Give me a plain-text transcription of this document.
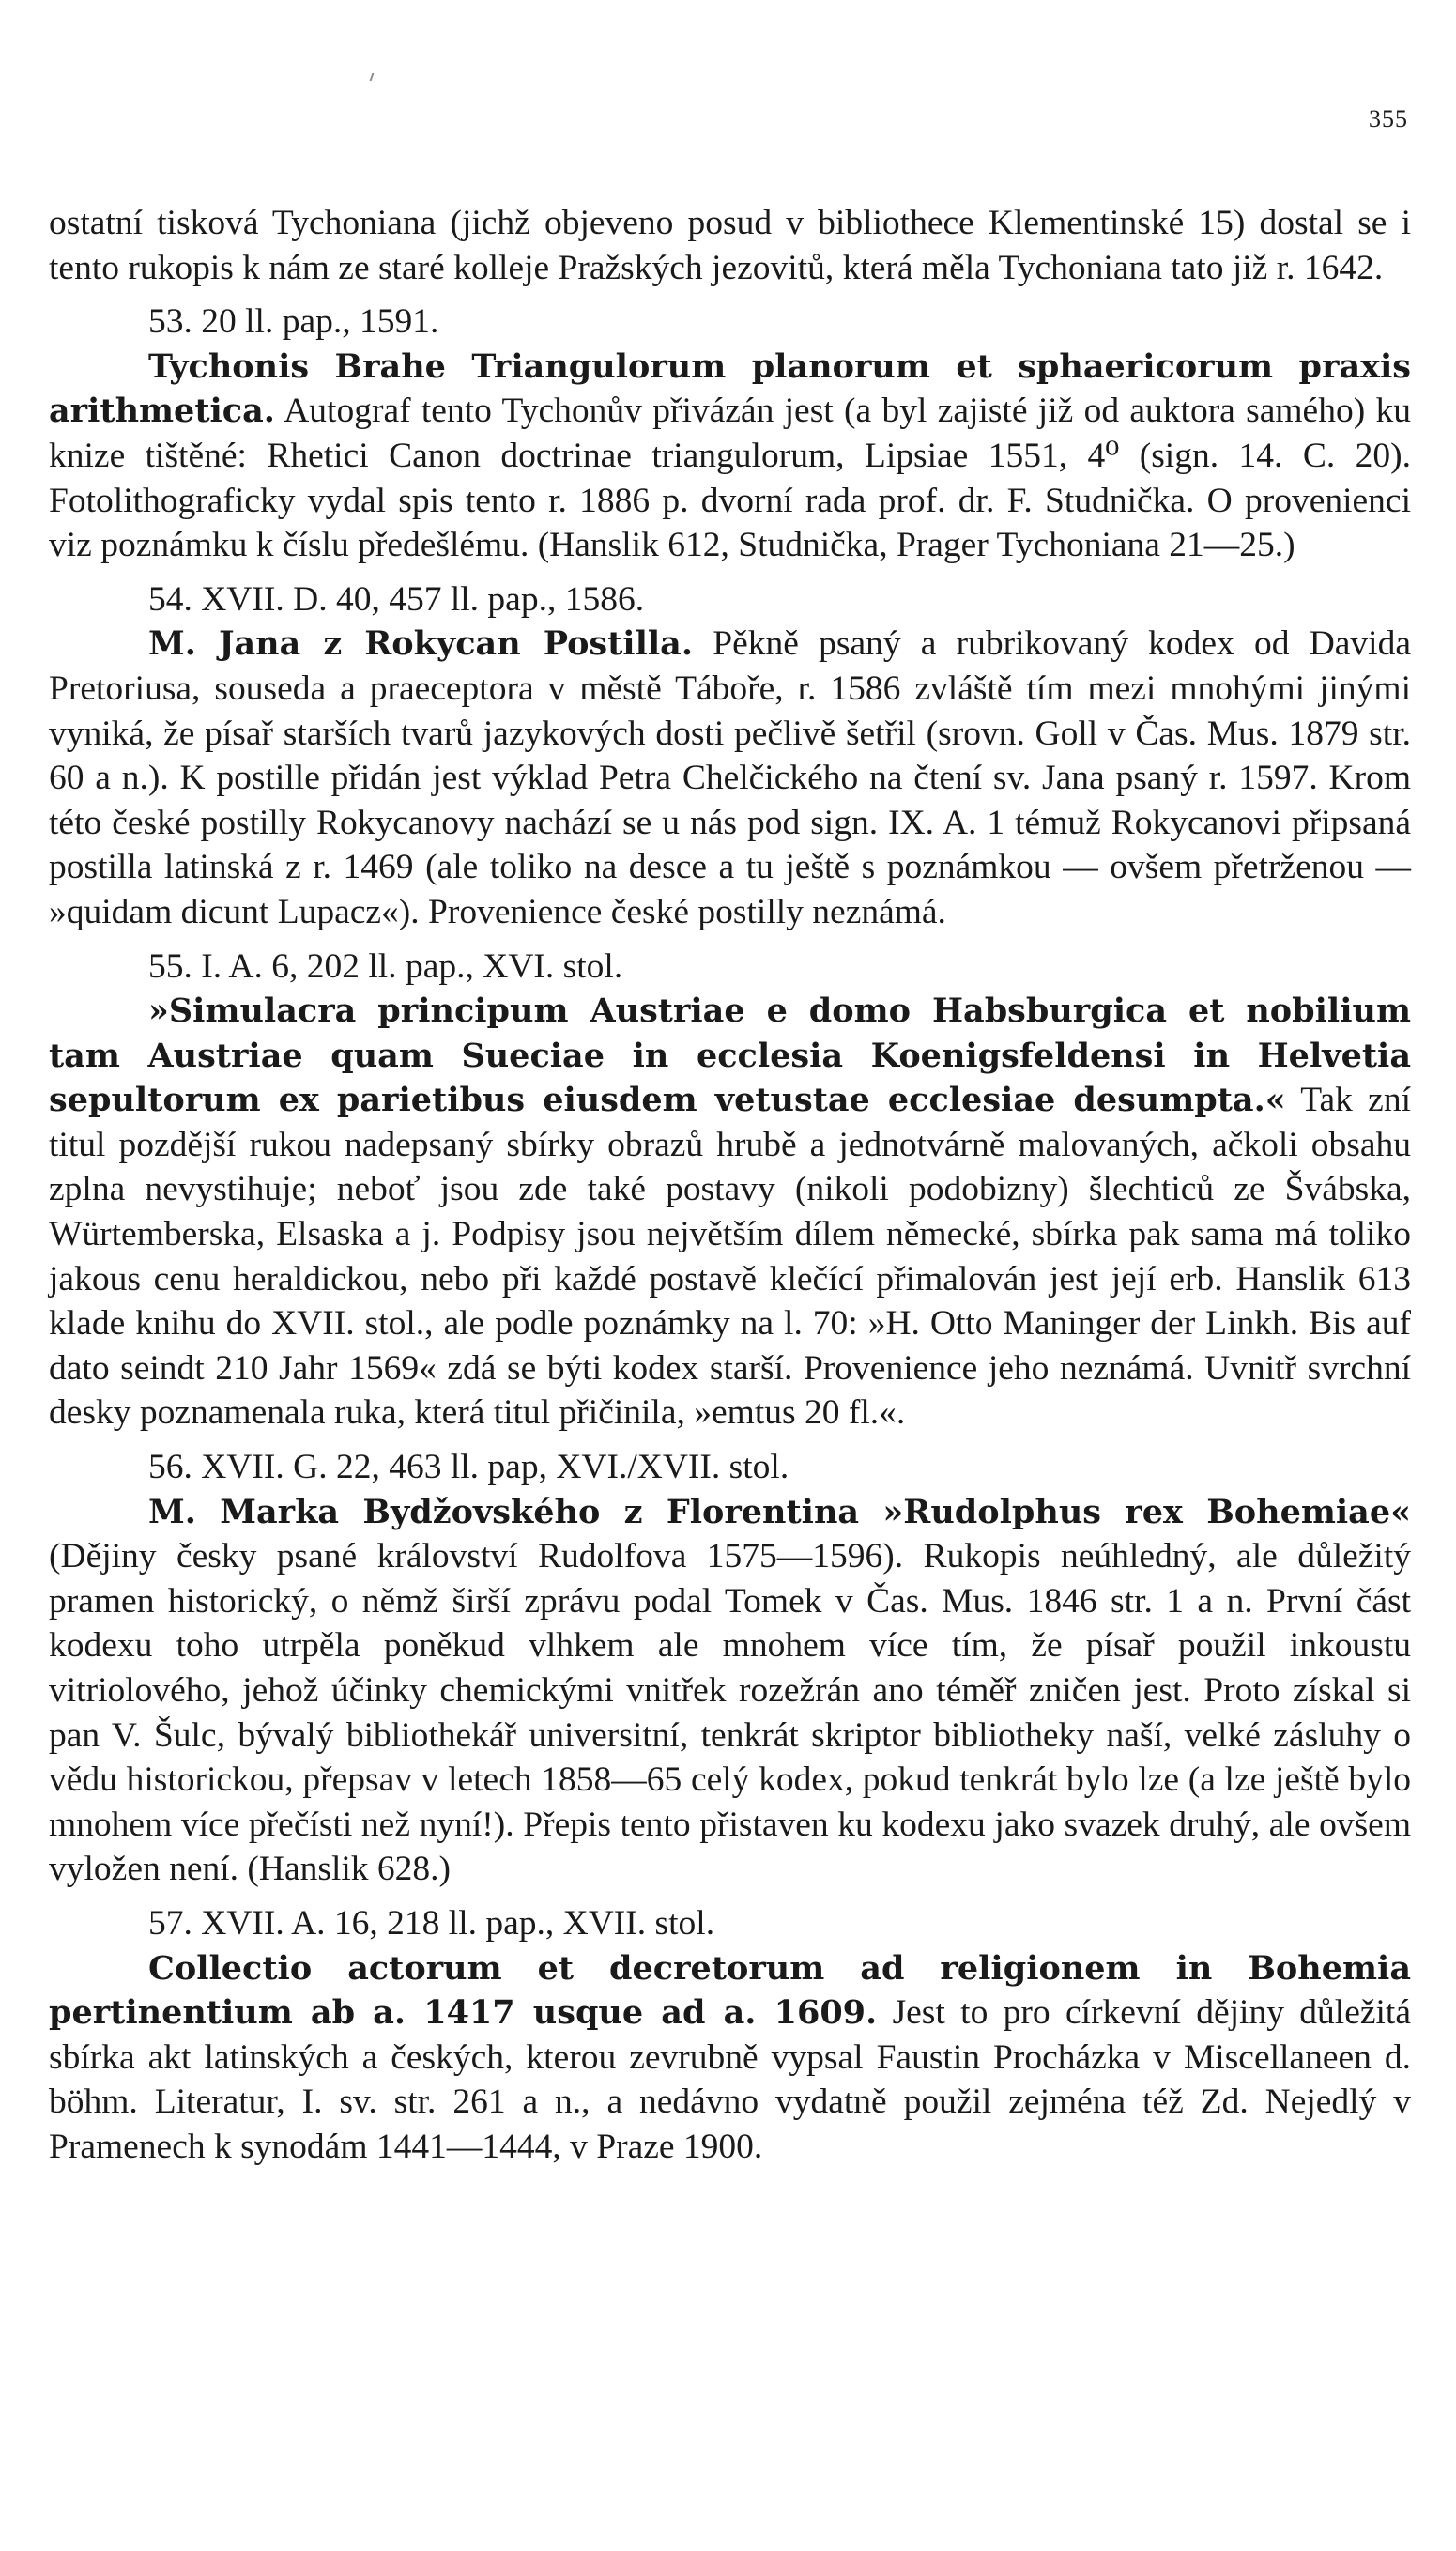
355

ostatní tisková Tychoniana (jichž objeveno posud v bibliothece Klementinské 15) dostal se i tento rukopis k nám ze staré kolleje Pražských jezovitů, která měla Tychoniana tato již r. 1642.

53. 20 ll. pap., 1591.

Tychonis Brahe Triangulorum planorum et sphaericorum praxis arithmetica. Autograf tento Tychonův přivázán jest (a byl zajisté již od auktora samého) ku knize tištěné: Rhetici Canon doctrinae triangulorum, Lipsiae 1551, 4⁰ (sign. 14. C. 20). Fotolithograficky vydal spis tento r. 1886 p. dvorní rada prof. dr. F. Studnička. O provenienci viz poznámku k číslu předešlému. (Hanslik 612, Studnička, Prager Tychoniana 21—25.)

54. XVII. D. 40, 457 ll. pap., 1586.

M. Jana z Rokycan Postilla. Pěkně psaný a rubrikovaný kodex od Davida Pretoriusa, souseda a praeceptora v městě Táboře, r. 1586 zvláště tím mezi mnohými jinými vyniká, že písař starších tvarů jazykových dosti pečlivě šetřil (srovn. Goll v Čas. Mus. 1879 str. 60 a n.). K postille přidán jest výklad Petra Chelčického na čtení sv. Jana psaný r. 1597. Krom této české postilly Rokycanovy nachází se u nás pod sign. IX. A. 1 témuž Rokycanovi připsaná postilla latinská z r. 1469 (ale toliko na desce a tu ještě s poznámkou — ovšem přetrženou — »quidam dicunt Lupacz«). Provenience české postilly neznámá.

55. I. A. 6, 202 ll. pap., XVI. stol.

»Simulacra principum Austriae e domo Habsburgica et nobilium tam Austriae quam Sueciae in ecclesia Koenigsfeldensi in Helvetia sepultorum ex parietibus eiusdem vetustae ecclesiae desumpta.« Tak zní titul pozdější rukou nadepsaný sbírky obrazů hrubě a jednotvárně malovaných, ačkoli obsahu zplna nevystihuje; neboť jsou zde také postavy (nikoli podobizny) šlechticů ze Švábska, Würtemberska, Elsaska a j. Podpisy jsou největším dílem německé, sbírka pak sama má toliko jakous cenu heraldickou, nebo při každé postavě klečící přimalován jest její erb. Hanslik 613 klade knihu do XVII. stol., ale podle poznámky na l. 70: »H. Otto Maninger der Linkh. Bis auf dato seindt 210 Jahr 1569« zdá se býti kodex starší. Provenience jeho neznámá. Uvnitř svrchní desky poznamenala ruka, která titul přičinila, »emtus 20 fl.«.

56. XVII. G. 22, 463 ll. pap, XVI./XVII. stol.

M. Marka Bydžovského z Florentina »Rudolphus rex Bohemiae« (Dějiny česky psané království Rudolfova 1575—1596). Rukopis neúhledný, ale důležitý pramen historický, o němž širší zprávu podal Tomek v Čas. Mus. 1846 str. 1 a n. První část kodexu toho utrpěla poněkud vlhkem ale mnohem více tím, že písař použil inkoustu vitriolového, jehož účinky chemickými vnitřek rozežrán ano téměř zničen jest. Proto získal si pan V. Šulc, bývalý bibliothekář universitní, tenkrát skriptor bibliotheky naší, velké zásluhy o vědu historickou, přepsav v letech 1858—65 celý kodex, pokud tenkrát bylo lze (a lze ještě bylo mnohem více přečísti než nyní!). Přepis tento přistaven ku kodexu jako svazek druhý, ale ovšem vyložen není. (Hanslik 628.)

57. XVII. A. 16, 218 ll. pap., XVII. stol.

Collectio actorum et decretorum ad religionem in Bohemia pertinentium ab a. 1417 usque ad a. 1609. Jest to pro církevní dějiny důležitá sbírka akt latinských a českých, kterou zevrubně vypsal Faustin Procházka v Miscellaneen d. böhm. Literatur, I. sv. str. 261 a n., a nedávno vydatně použil zejména též Zd. Nejedlý v Pramenech k synodám 1441—1444, v Praze 1900.
